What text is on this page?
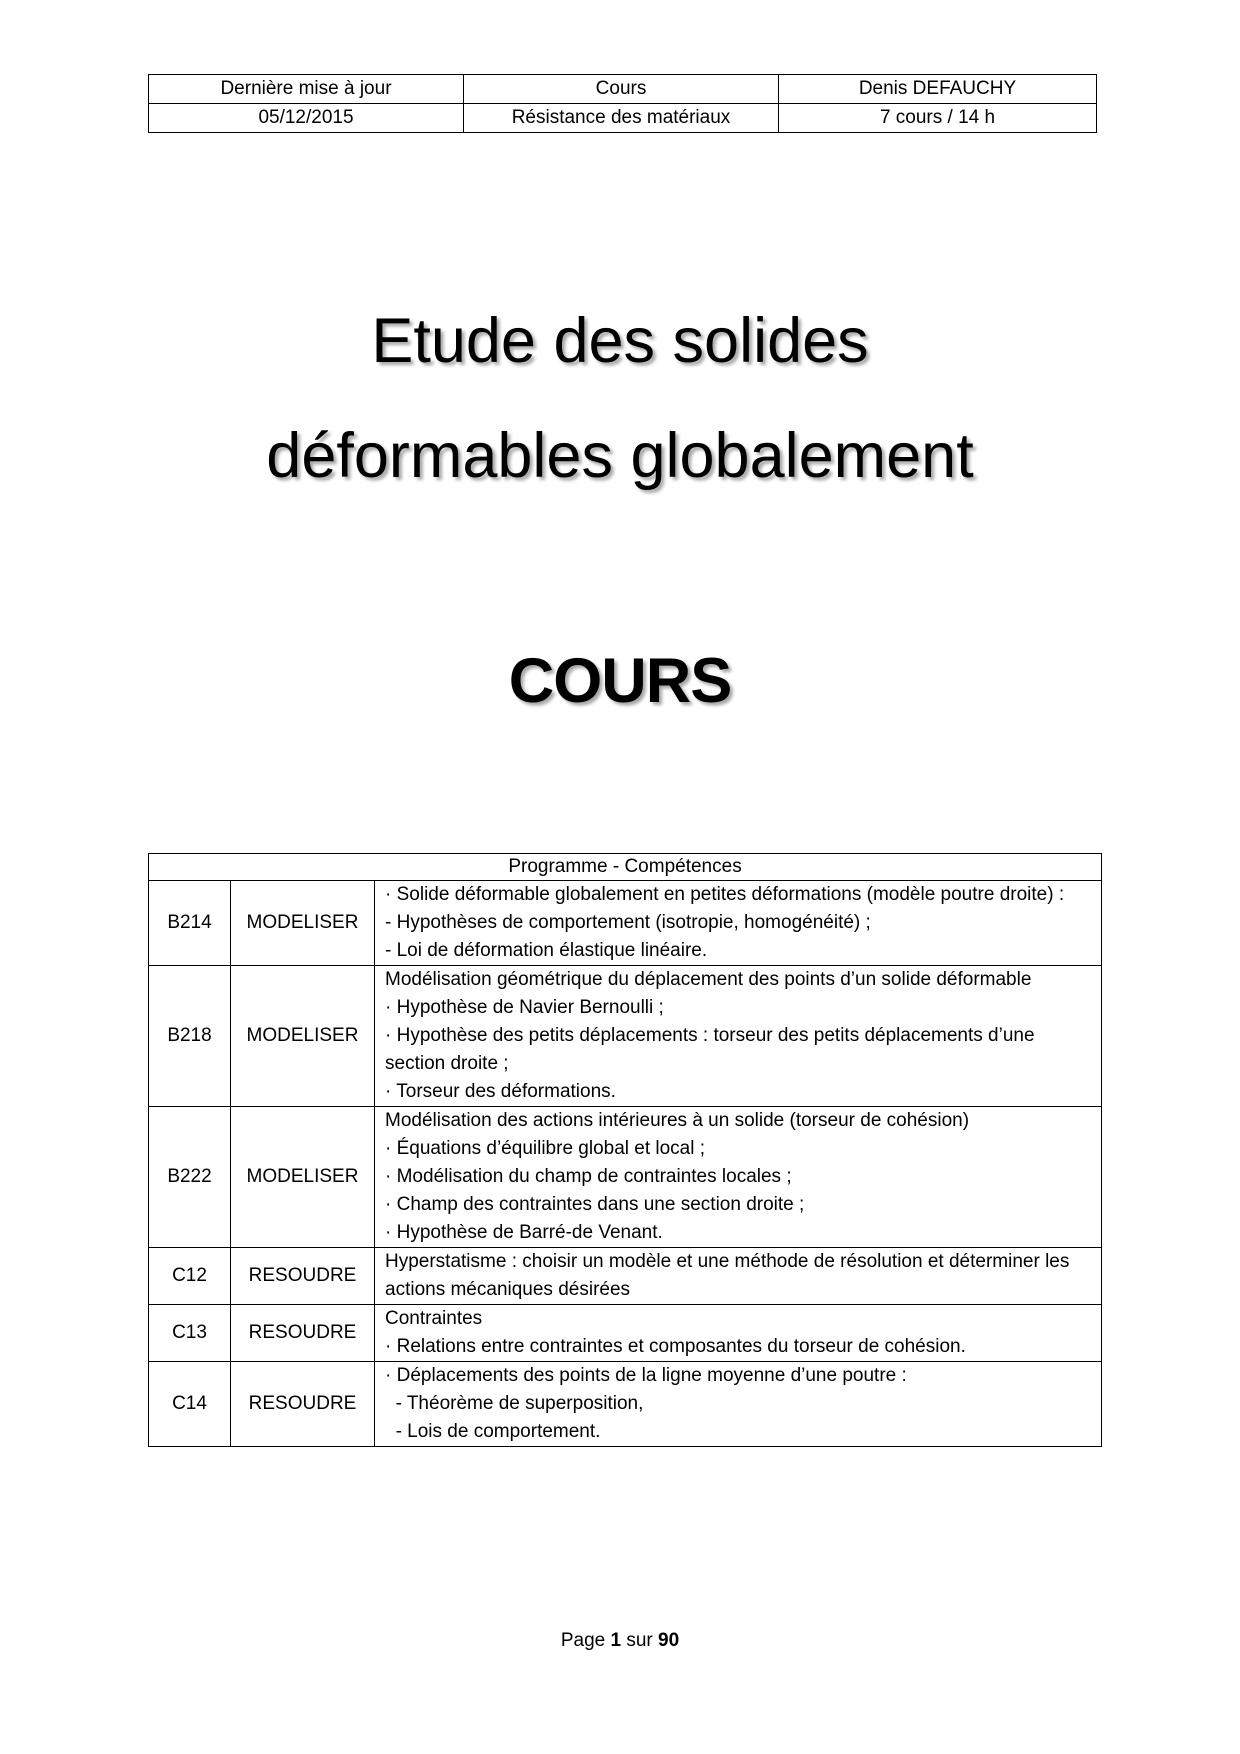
Dernière mise à jour	Cours	Denis DEFAUCHY
05/12/2015	Résistance des matériaux	7 cours / 14 h
Etude des solides
déformables globalement
COURS
Programme - Compétences		
B214	MODELISER	· Solide déformable globalement en petites déformations (modèle poutre droite) :
- Hypothèses de comportement (isotropie, homogénéité) ;
- Loi de déformation élastique linéaire.

B218	MODELISER	Modélisation géométrique du déplacement des points d’un solide déformable
· Hypothèse de Navier Bernoulli ;
· Hypothèse des petits déplacements : torseur des petits déplacements d’une section droite ;
· Torseur des déformations.

B222	MODELISER	Modélisation des actions intérieures à un solide (torseur de cohésion)
· Équations d’équilibre global et local ;
· Modélisation du champ de contraintes locales ;
· Champ des contraintes dans une section droite ;
· Hypothèse de Barré-de Venant.

C12	RESOUDRE	Hyperstatisme : choisir un modèle et une méthode de résolution et déterminer les actions mécaniques désirées

C13	RESOUDRE	Contraintes
· Relations entre contraintes et composantes du torseur de cohésion.

C14	RESOUDRE	· Déplacements des points de la ligne moyenne d’une poutre :
- Théorème de superposition,
- Lois de comportement.
Page 1 sur 90
